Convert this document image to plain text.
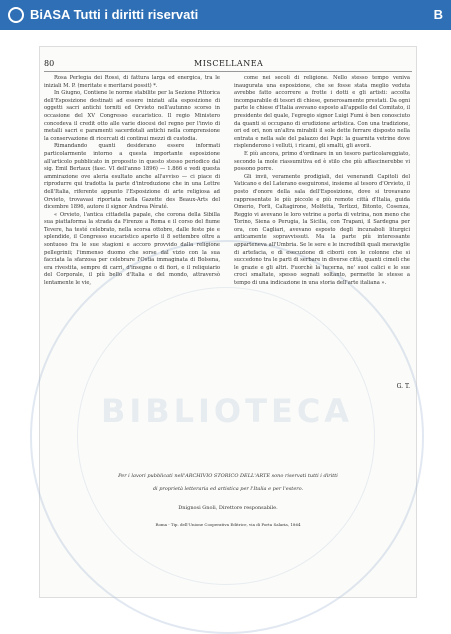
BiASA Tutti i diritti riservati	B
BIBLIOTECA
80	MISCELLANEA

Rosa Perlegia dei Rossi, di fattura larga ed energica, tra le iniziali M. P. (meritate e meritarsi possit) *.

In Giugno, Contiene le norme stabilite per la Sezione Pittorica dell'Esposizione destinati ad essere iniziati alla esposizione di oggetti sacri antichi torniti ed Orvieto nell'autunno scorso in occasione del XV Congresso eucaristico. Il regio Ministero concedeva il credit otto alle varie diocesi del regno per l'invio di metalli sacri e paramenti sacerdotali antichi nella comprensione la conservazione di ricercati di continui mezzi di custodia.

Rimandando quanti desiderano essere informati particolarmente intorno a questa importante esposizione all'articolo pubblicato in proposito in questo stesso periodico dal sig. Emil Bertaux (fasc. VI dell'anno 1896) — 1.866 e vedi questa ammirazione ove aleria esultato anche all'avviso — ci piace di riprodurre qui tradotta la parte d'introduzione che in una Lettre dell'Italia, riferente appunto l'Esposizione di arte religiosa ad Orvieto, trovavasi riportata nella Gazette des Beaux-Arts del dicembre 1896, autore il signor Andrea Pératé.

« Orvieto, l'antica cittadella papale, che corona della Sibilla sua piattaforma la strada da Firenze a Roma e il corso del fiume Tevere, ha testé celebrato, nella scorsa ottobre, dalle feste pie e splendide, il Congresso eucaristico aperto il 8 settembre oltre a sontuoso fra le sue stagioni e accoro provvido dalla religione pellegrinii; l'immenso duomo che sorse dal vizio con la sua facciata la sfarzosa per celebrare l'Ostia immaginata di Bolsena, era rivestita, sempre di carri, d'insegne o di fiori, e il reliquiario del Corporale, il più bello d'Italia e del mondo, attraversò lentamente le vie,

come nei secoli di religione. Nello stesso tempo veniva inaugurata una esposizione, che se fosse stata meglio veduta avrebbe fatto accorrere a frotte i dotti e gli artisti: accolta incomparabile di tesori di chiese, generosamente prestati. Da ogni parte le chiese d'Italia avevano esposto all'appello del Comitato, il presidente del quale, l'egregio signor Luigi Fumi è ben conosciuto da quanti si occupano di erudizione artistica. Con una tradizione, ori ed ori, non un'altra mirabili il sole dette ferrare disposto nella entrata e nella sale del palazzo dei Papi: la guarnita vetrine dove risplenderono i velluti, i ricami, gli smalti, gli avorii.

E più ancora, primo d'ordinare in un tesoro particolareggiato, secondo la mole riassumitiva ed è stilo che più affascinerebbe vi possono porre.

Gli invii, veramente prodigiali, dei venerandi Capitoli del Vaticano e del Laterano eseguironsi, insieme al tesoro d'Orvieto, il posto d'onore della sala dell'Esposizione, dove si trovavano rappresentate le più piccole e più remote città d'Italia, guida Omerio, Forli, Caltagirone, Molfetta, Terlizzi, Bitonto, Cosenza, Reggio vi avevano le loro vetrine a porta di vetrina, non meno che Torino, Siena o Perugia, la Sicilia, con Trapani, il Sardegna per ora, con Cagliari, avevano esposto degli incunaboli liturgici anticamente sopravvissuti. Ma la parte più interessante apparteneva all'Umbria. Se le sere e le incredibili quali meraviglie di artefacia, e di esecuzione di ciborii con le colonne che si succedono tra le parti di serbare in diverse città, quanti cimeli che le grazie e gli altri. Fuorchè la lucerna, ne' suoi calici e le sue croci smaltate, spesso segnati soltanto, permette le stesse a tempo di una indicazione in una storia dell'arte italiana ».

G. T.
Per i lavori pubblicati nell'ARCHIVIO STORICO DELL'ARTE sono riservati tutti i diritti
di proprietà letteraria ed artistica per l'Italia e per l'estero.
Dnignosi Gnoli, Direttore responsabile.
Roma - Tip. dell'Unione Cooperativa Editrice, via di Porta Salaria, 1864
